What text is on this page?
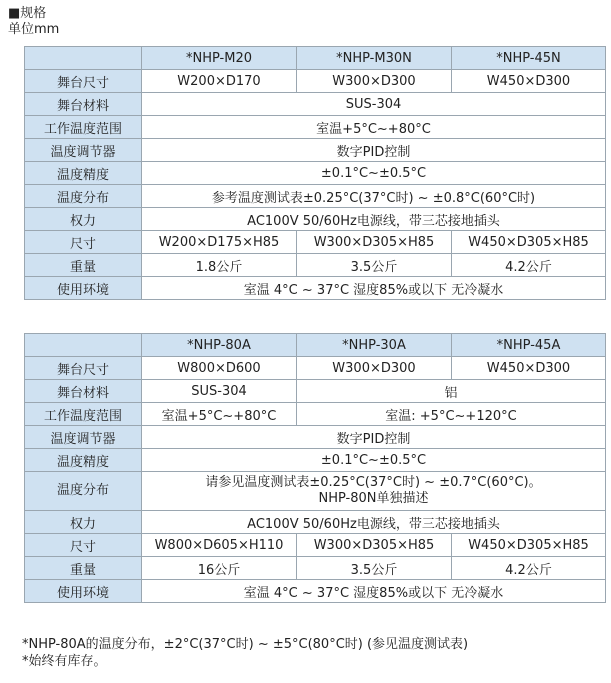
■规格
单位mm
	*NHP-M20	*NHP-M30N	*NHP-45N
舞台尺寸	W200×D170	W300×D300	W450×D300
舞台材料	SUS-304		
工作温度范围	室温+5°C~+80°C		
温度调节器	数字PID控制		
温度精度	±0.1°C~±0.5°C		
温度分布	参考温度测试表±0.25°C(37°C时) ~ ±0.8°C(60°C时)		
权力	AC100V 50/60Hz电源线，带三芯接地插头		
尺寸	W200×D175×H85	W300×D305×H85	W450×D305×H85
重量	1.8公斤	3.5公斤	4.2公斤
使用环境	室温 4°C ~ 37°C 湿度85%或以下 无冷凝水		
	*NHP-80A	*NHP-30A	*NHP-45A
舞台尺寸	W800×D600	W300×D300	W450×D300
舞台材料	SUS-304	铝	
工作温度范围	室温+5°C~+80°C	室温: +5°C~+120°C	
温度调节器	数字PID控制		
温度精度	±0.1°C~±0.5°C		
温度分布	请参见温度测试表±0.25°C(37°C时) ~ ±0.7°C(60°C)。
NHP-80N单独描述		

权力	AC100V 50/60Hz电源线，带三芯接地插头		
尺寸	W800×D605×H110	W300×D305×H85	W450×D305×H85
重量	16公斤	3.5公斤	4.2公斤
使用环境	室温 4°C ~ 37°C 湿度85%或以下 无冷凝水		
*NHP-80A的温度分布，±2°C(37°C时) ~ ±5°C(80°C时) (参见温度测试表)
*始终有库存。
